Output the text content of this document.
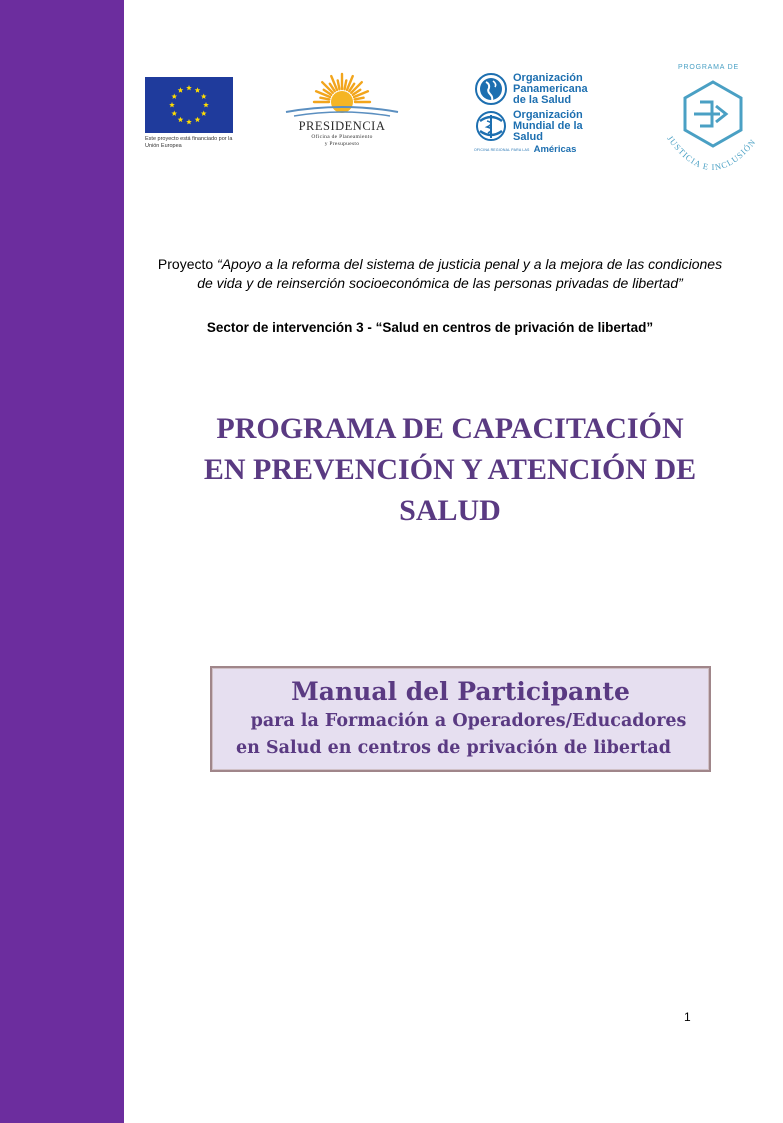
Este proyecto está financiado por la Unión Europea
PRESIDENCIA
Oficina de Planeamiento
y Presupuesto
Organización
Panamericana
de la Salud
Organización
Mundial de la Salud
OFICINA REGIONAL PARA LAS Américas
PROGRAMA DE
JUSTICIA E INCLUSIÓN
Proyecto “Apoyo a la reforma del sistema de justicia penal y a la mejora de las condiciones de vida y de reinserción socioeconómica de las personas privadas de libertad”
Sector de intervención 3 - “Salud en centros de privación de libertad”
PROGRAMA DE CAPACITACIÓN
EN PREVENCIÓN Y ATENCIÓN DE
SALUD
Manual del Participante
para la Formación a Operadores/Educadores
en Salud en centros de privación de libertad
1
